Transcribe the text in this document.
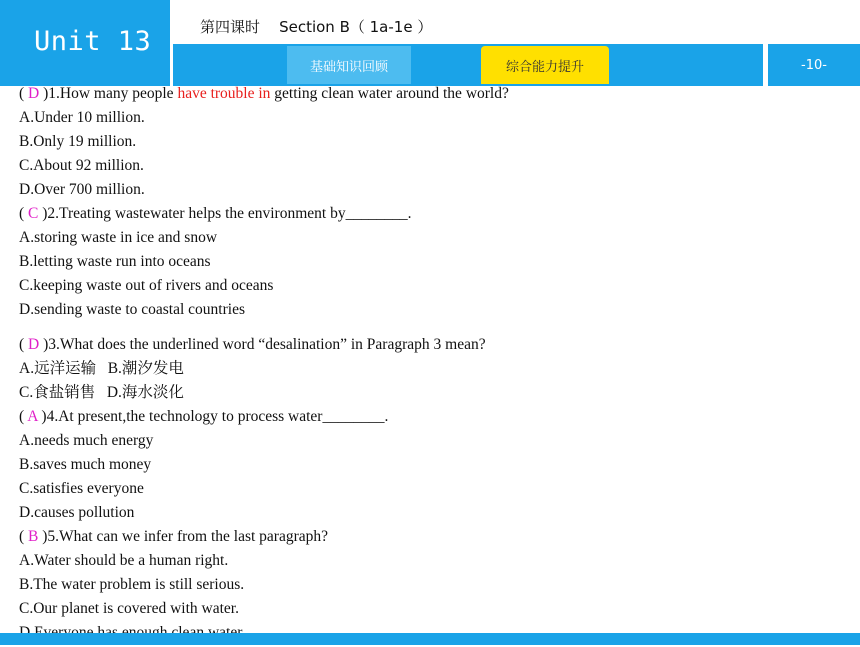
Unit 13	第四课时    Section B（ 1a-1e ）
基础知识回顾	综合能力提升	-10-
( D )1.How many people have trouble in getting clean water around the world?
A.Under 10 million.
B.Only 19 million.
C.About 92 million.
D.Over 700 million.
( C )2.Treating wastewater helps the environment by________.
A.storing waste in ice and snow
B.letting waste run into oceans
C.keeping waste out of rivers and oceans
D.sending waste to coastal countries
( D )3.What does the underlined word “desalination” in Paragraph 3 mean?
A.远洋运输   B.潮汐发电
C.食盐销售   D.海水淡化
( A )4.At present,the technology to process water________.
A.needs much energy
B.saves much money
C.satisfies everyone
D.causes pollution
( B )5.What can we infer from the last paragraph?
A.Water should be a human right.
B.The water problem is still serious.
C.Our planet is covered with water.
